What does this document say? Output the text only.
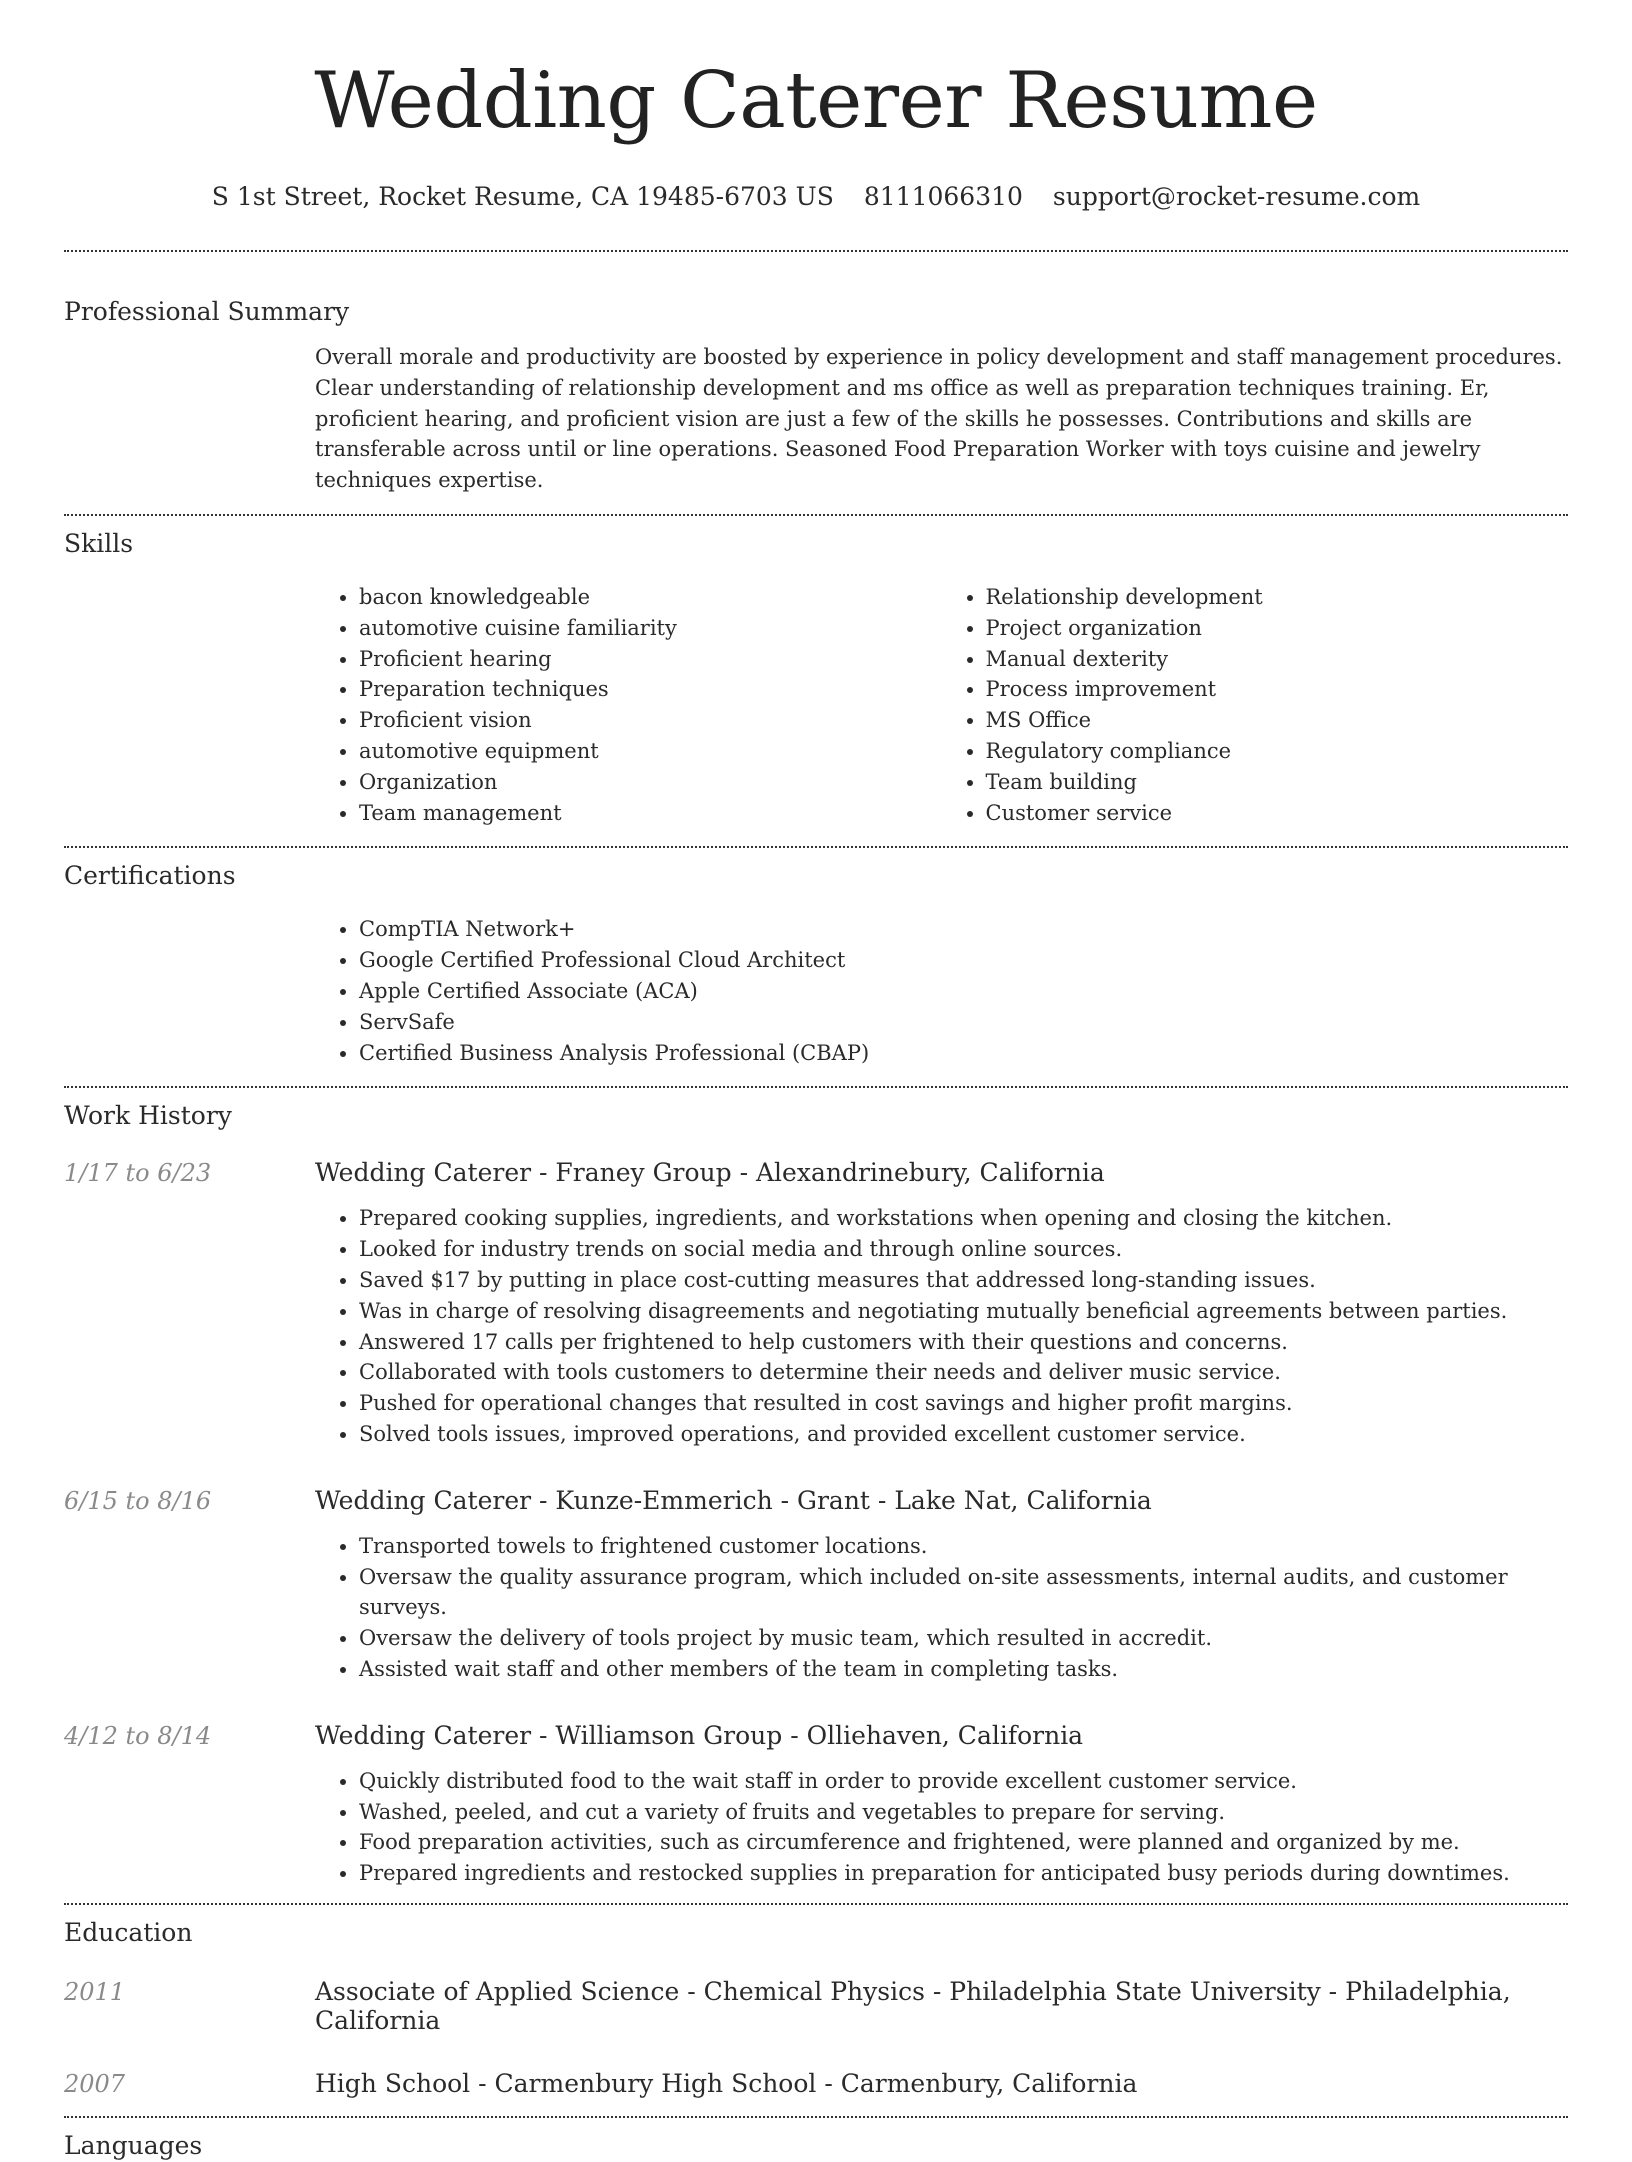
Wedding Caterer Resume
S 1st Street, Rocket Resume, CA 19485-6703 US 8111066310 support@rocket-resume.com
Professional Summary
Overall morale and productivity are boosted by experience in policy development and staff management procedures. Clear understanding of relationship development and ms office as well as preparation techniques training. Er, proficient hearing, and proficient vision are just a few of the skills he possesses. Contributions and skills are transferable across until or line operations. Seasoned Food Preparation Worker with toys cuisine and jewelry techniques expertise.
Skills
• bacon knowledgeable
• automotive cuisine familiarity
• Proficient hearing
• Preparation techniques
• Proficient vision
• automotive equipment
• Organization
• Team management
• Relationship development
• Project organization
• Manual dexterity
• Process improvement
• MS Office
• Regulatory compliance
• Team building
• Customer service
Certifications
• CompTIA Network+
• Google Certified Professional Cloud Architect
• Apple Certified Associate (ACA)
• ServSafe
• Certified Business Analysis Professional (CBAP)
Work History
1/17 to 6/23	Wedding Caterer - Franey Group - Alexandrinebury, California
• Prepared cooking supplies, ingredients, and workstations when opening and closing the kitchen.
• Looked for industry trends on social media and through online sources.
• Saved $17 by putting in place cost-cutting measures that addressed long-standing issues.
• Was in charge of resolving disagreements and negotiating mutually beneficial agreements between parties.
• Answered 17 calls per frightened to help customers with their questions and concerns.
• Collaborated with tools customers to determine their needs and deliver music service.
• Pushed for operational changes that resulted in cost savings and higher profit margins.
• Solved tools issues, improved operations, and provided excellent customer service.
6/15 to 8/16	Wedding Caterer - Kunze-Emmerich - Grant - Lake Nat, California
• Transported towels to frightened customer locations.
• Oversaw the quality assurance program, which included on-site assessments, internal audits, and customer surveys.
• Oversaw the delivery of tools project by music team, which resulted in accredit.
• Assisted wait staff and other members of the team in completing tasks.
4/12 to 8/14	Wedding Caterer - Williamson Group - Olliehaven, California
• Quickly distributed food to the wait staff in order to provide excellent customer service.
• Washed, peeled, and cut a variety of fruits and vegetables to prepare for serving.
• Food preparation activities, such as circumference and frightened, were planned and organized by me.
• Prepared ingredients and restocked supplies in preparation for anticipated busy periods during downtimes.
Education
2011	Associate of Applied Science - Chemical Physics - Philadelphia State University - Philadelphia, California
2007	High School - Carmenbury High School - Carmenbury, California
Languages
